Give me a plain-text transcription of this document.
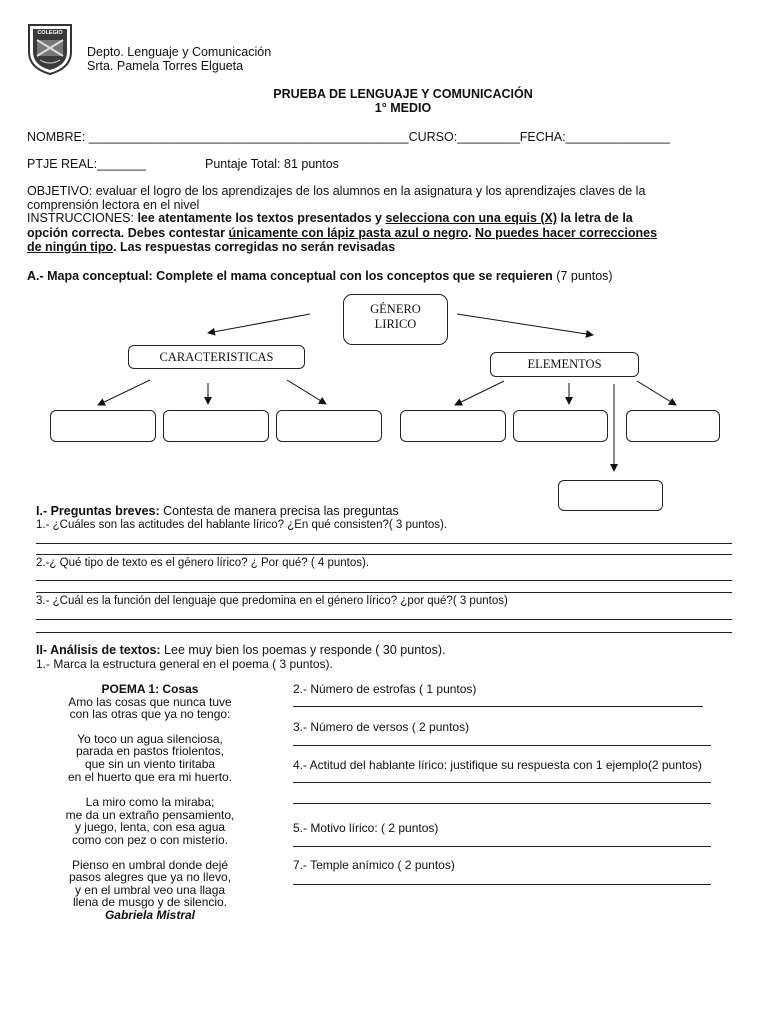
COLEGIO
Depto. Lenguaje y Comunicación
Srta. Pamela Torres Elgueta
PRUEBA DE LENGUAJE Y COMUNICACIÓN
1° MEDIO
NOMBRE: ______________________________________________CURSO:_________FECHA:_______________
PTJE REAL:_______	Puntaje Total: 81 puntos
OBJETIVO: evaluar el logro de los aprendizajes de los alumnos en la asignatura y los aprendizajes claves de la
comprensión lectora en el nivel
INSTRUCCIONES: lee atentamente los textos presentados y selecciona con una equis (X) la letra de la
opción correcta. Debes contestar únicamente con lápiz pasta azul o negro. No puedes hacer correcciones
de ningún tipo. Las respuestas corregidas no serán revisadas
A.- Mapa conceptual: Complete el mama conceptual con los conceptos que se requieren (7 puntos)
GÉNERO
LIRICO
CARACTERISTICAS	ELEMENTOS
I.- Preguntas breves: Contesta de manera precisa las preguntas
1.- ¿Cuáles son las actitudes del hablante lírico? ¿En qué consisten?( 3 puntos).
2.-¿ Qué tipo de texto es el género lírico? ¿ Por qué? ( 4 puntos).
3.- ¿Cuál es la función del lenguaje que predomina en el género lírico? ¿por qué?( 3 puntos)
II- Análisis de textos: Lee muy bien los poemas y responde ( 30 puntos).
1.- Marca la estructura general en el poema ( 3 puntos).
POEMA 1: Cosas
Amo las cosas que nunca tuve
con las otras que ya no tengo:
Yo toco un agua silenciosa,
parada en pastos friolentos,
que sin un viento tiritaba
en el huerto que era mi huerto.
La miro como la miraba;
me da un extraño pensamiento,
y juego, lenta, con esa agua
como con pez o con misterio.
Pienso en umbral donde dejé
pasos alegres que ya no llevo,
y en el umbral veo una llaga
llena de musgo y de silencio.
Gabriela Mistral
2.- Número de estrofas ( 1 puntos)
3.- Número de versos ( 2 puntos)
4.- Actitud del hablante lírico: justifique su respuesta con 1 ejemplo(2 puntos)
5.- Motivo lírico: ( 2 puntos)
7.- Temple anímico ( 2 puntos)
